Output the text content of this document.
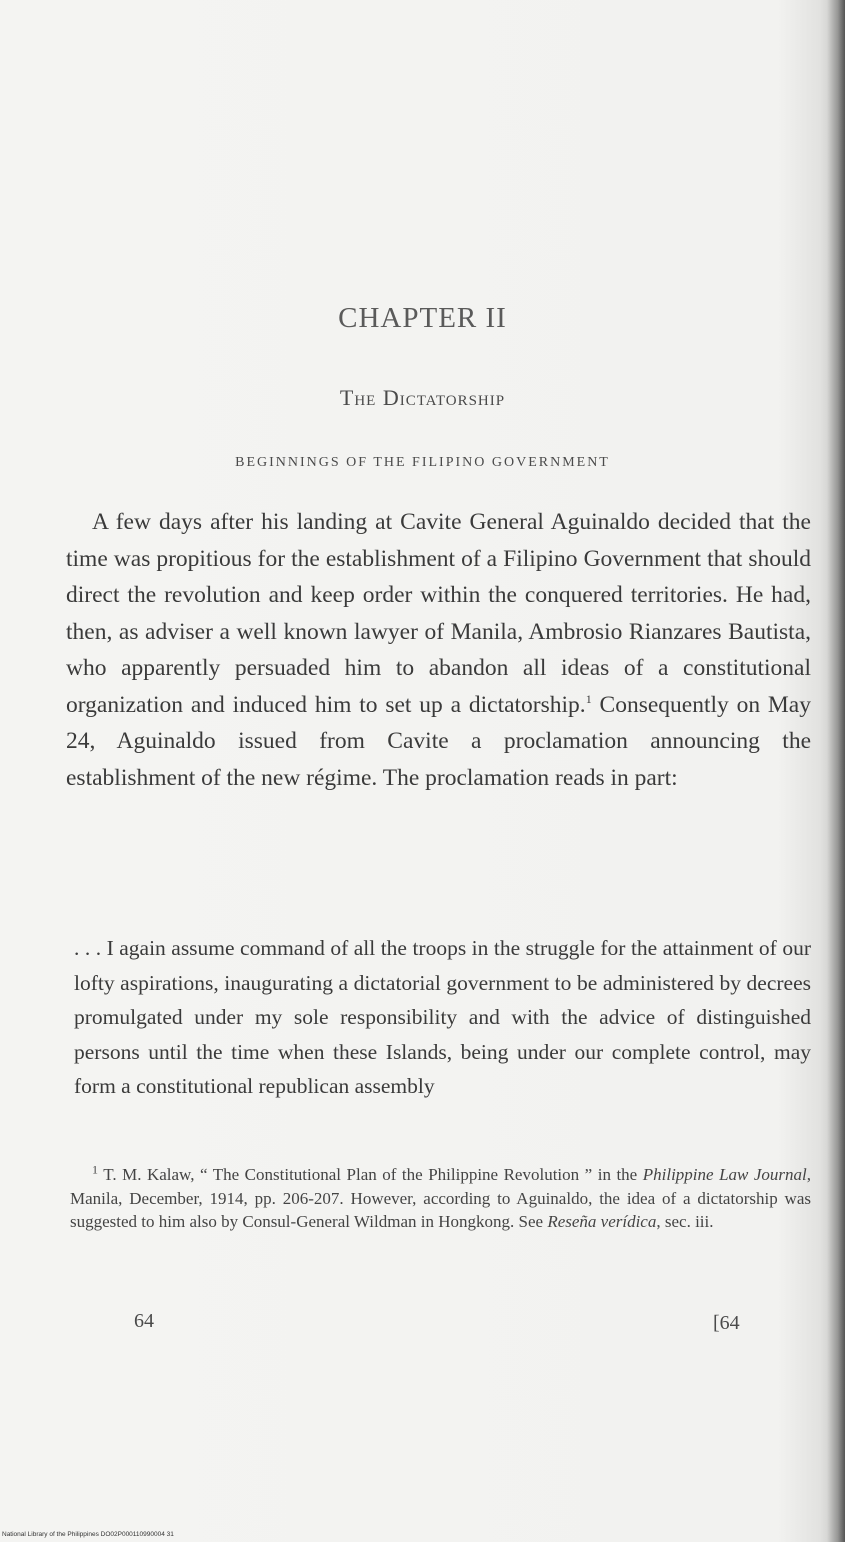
CHAPTER II
The Dictatorship
BEGINNINGS OF THE FILIPINO GOVERNMENT

A few days after his landing at Cavite General Aguinaldo decided that the time was propitious for the establishment of a Filipino Government that should direct the revolution and keep order within the conquered territories. He had, then, as adviser a well known lawyer of Manila, Ambrosio Rianzares Bautista, who apparently persuaded him to abandon all ideas of a constitutional organization and induced him to set up a dictatorship.$^1$ Consequently on May 24, Aguinaldo issued from Cavite a proclamation announcing the establishment of the new régime. The proclamation reads in part:

. . . I again assume command of all the troops in the struggle for the attainment of our lofty aspirations, inaugurating a dictatorial government to be administered by decrees promulgated under my sole responsibility and with the advice of distinguished persons until the time when these Islands, being under our complete control, may form a constitutional republican assembly

$^1$ T. M. Kalaw, “ The Constitutional Plan of the Philippine Revolution ” in the Philippine Law Journal, Manila, December, 1914, pp. 206-207. However, according to Aguinaldo, the idea of a dictatorship was suggested to him also by Consul-General Wildman in Hongkong. See Reseña verídica, sec. iii.

64	[64
National Library of the Philippines DO02P000110990004 31
